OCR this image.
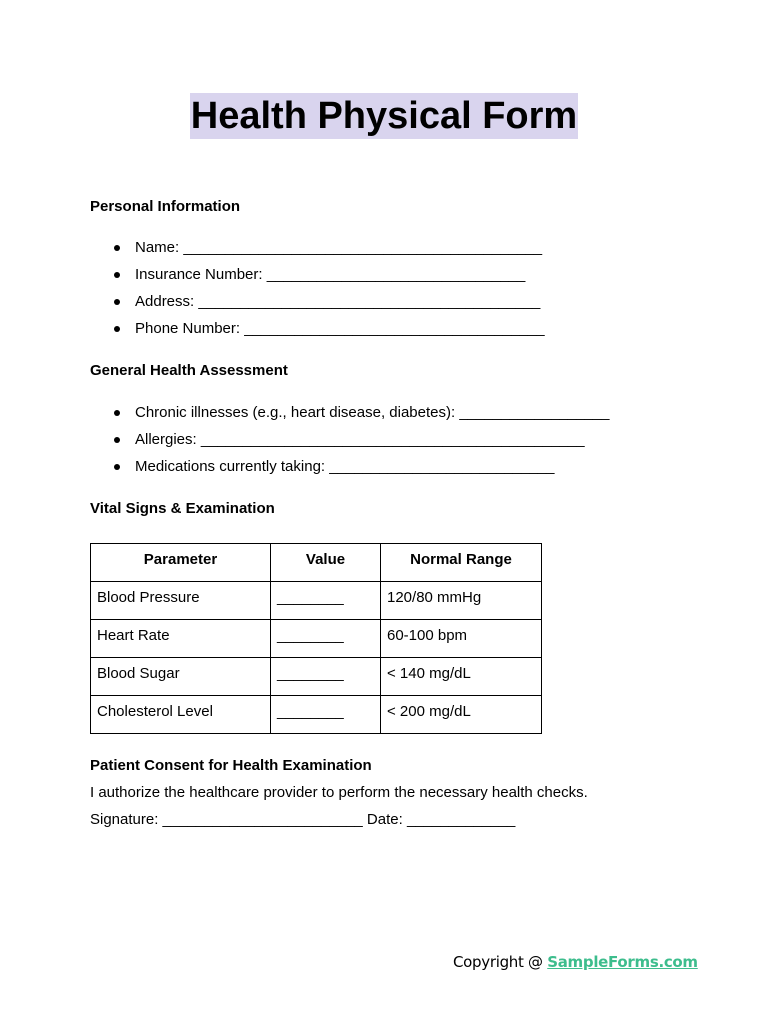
Health Physical Form
Personal Information
Name: ___________________________________________
Insurance Number: _______________________________
Address: _________________________________________
Phone Number: ____________________________________
General Health Assessment
Chronic illnesses (e.g., heart disease, diabetes): __________________
Allergies: ______________________________________________
Medications currently taking: ___________________________
Vital Signs & Examination
Parameter	Value	Normal Range
Blood Pressure	________	120/80 mmHg
Heart Rate	________	60-100 bpm
Blood Sugar	________	< 140 mg/dL
Cholesterol Level	________	< 200 mg/dL
Patient Consent for Health Examination

I authorize the healthcare provider to perform the necessary health checks.

Signature: ________________________ Date: _____________

Copyright @ SampleForms.com
